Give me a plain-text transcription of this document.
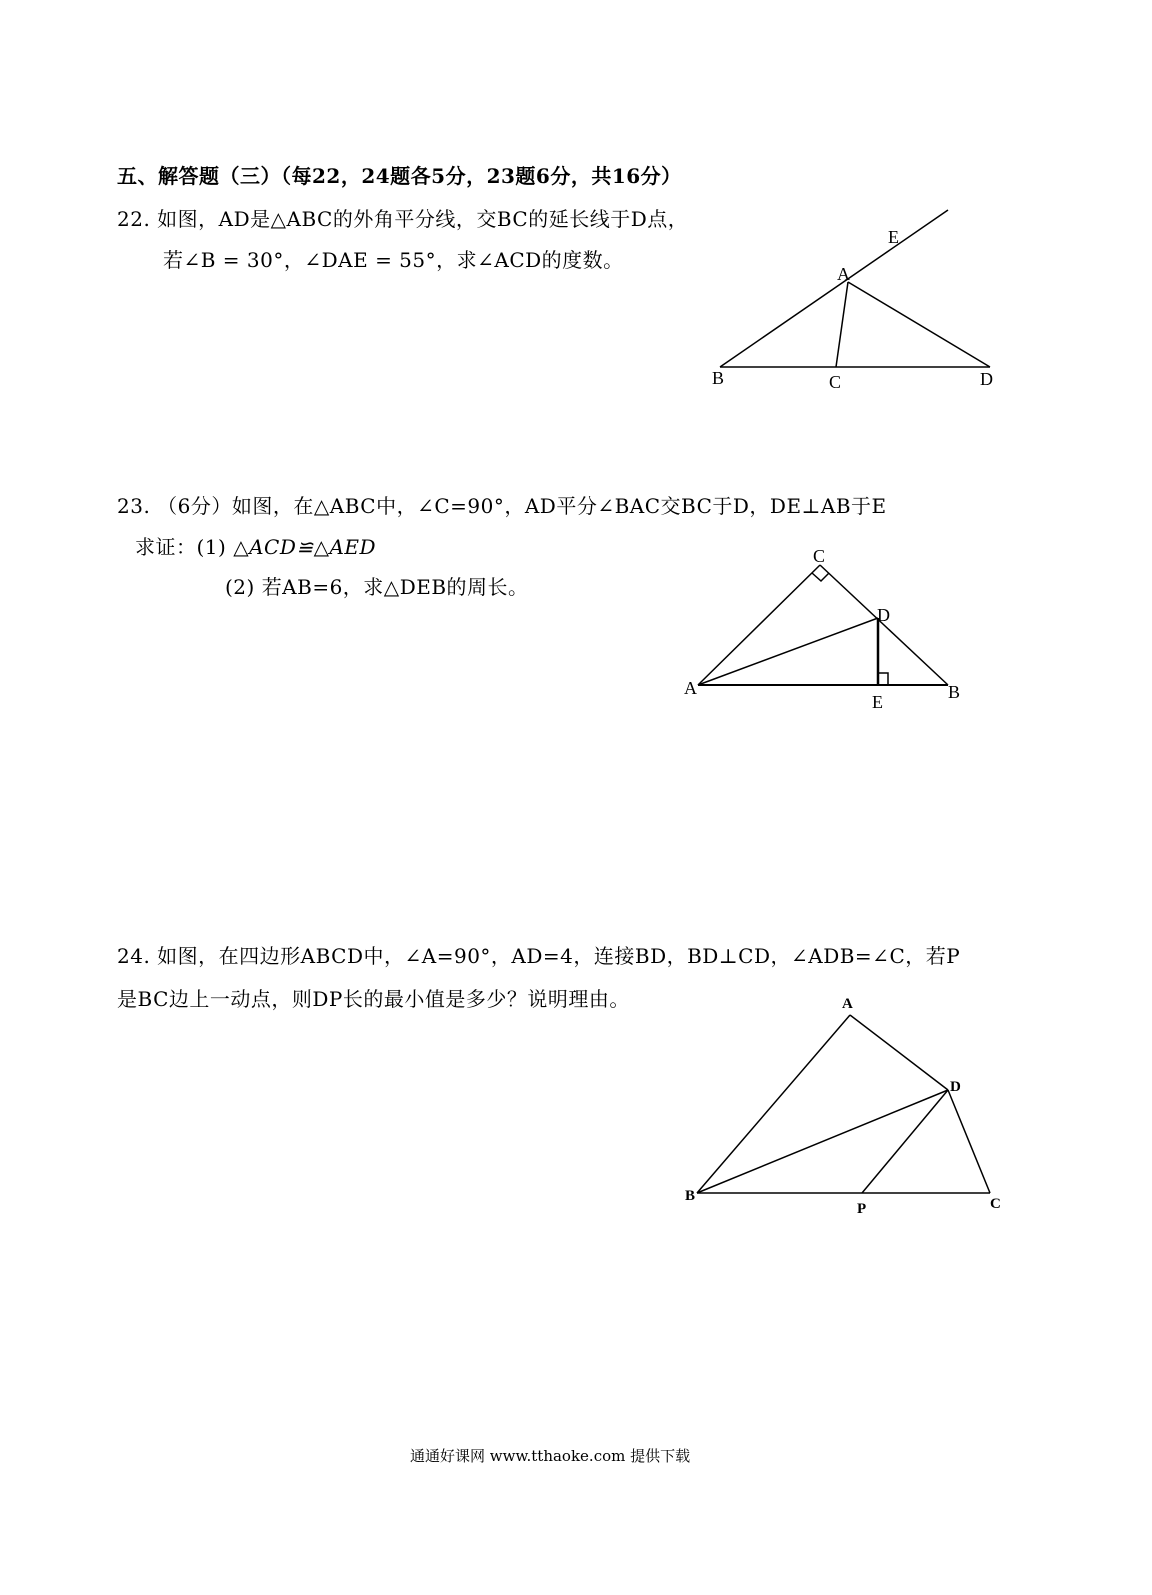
五、解答题（三）（每22，24题各5分，23题6分，共16分）
22. 如图，AD是△ABC的外角平分线，交BC的延长线于D点，
若∠B = 30°，∠DAE = 55°，求∠ACD的度数。
23. （6分）如图，在△ABC中，∠C=90°，AD平分∠BAC交BC于D，DE⊥AB于E
求证：(1) △ACD≌△AED
(2) 若AB=6，求△DEB的周长。
24. 如图，在四边形ABCD中，∠A=90°，AD=4，连接BD，BD⊥CD，∠ADB=∠C，若P
是BC边上一动点，则DP长的最小值是多少？说明理由。
A
B	C	D
E
A	B
C
D
E
A
B	C
D
P
通通好课网 www.tthaoke.com 提供下载
